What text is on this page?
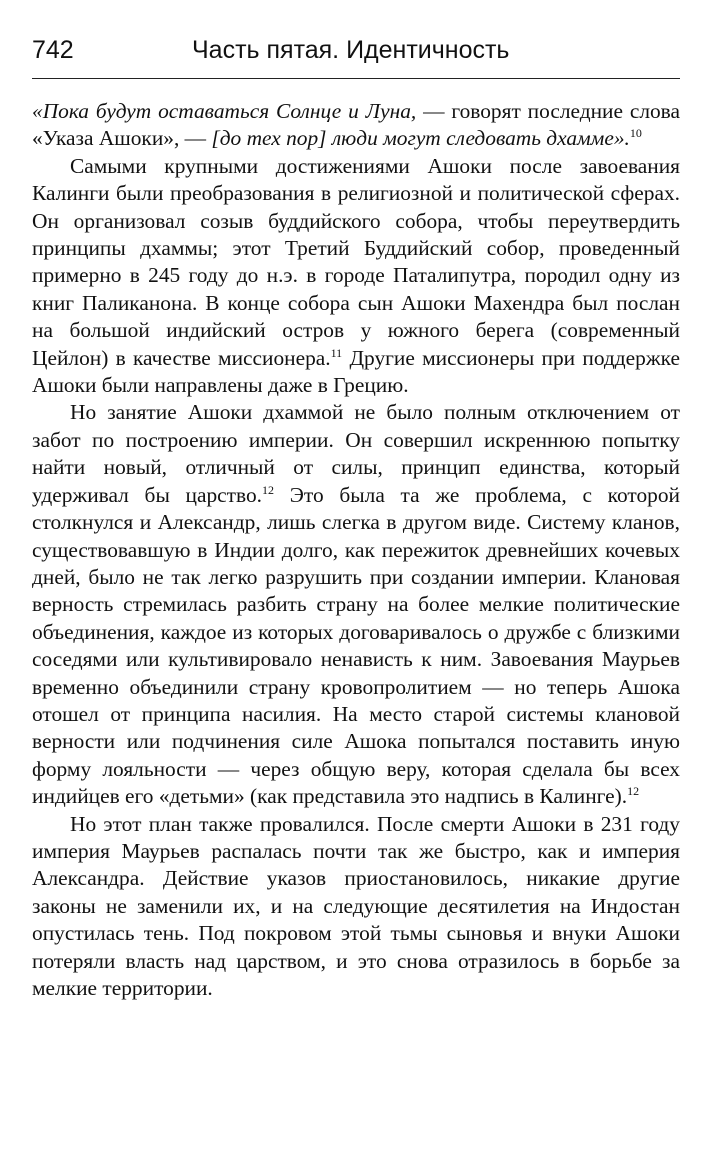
742	Часть пятая. Идентичность

«Пока будут оставаться Солнце и Луна, — говорят последние слова «Указа Ашоки», — [до тех пор] люди могут следовать дхамме».$^{10}$

Самыми крупными достижениями Ашоки после завоевания Калинги были преобразования в религиозной и политической сферах. Он организовал созыв буддийского собора, чтобы переутвердить принципы дхаммы; этот Третий Буддийский собор, проведенный примерно в 245 году до н.э. в городе Паталипутра, породил одну из книг Паликанона. В конце собора сын Ашоки Махендра был послан на большой индийский остров у южного берега (современный Цейлон) в качестве миссионера.$^{11}$ Другие миссионеры при поддержке Ашоки были направлены даже в Грецию.

Но занятие Ашоки дхаммой не было полным отключением от забот по построению империи. Он совершил искреннюю попытку найти новый, отличный от силы, принцип единства, который удерживал бы царство.$^{12}$ Это была та же проблема, с которой столкнулся и Александр, лишь слегка в другом виде. Систему кланов, существовавшую в Индии долго, как пережиток древнейших кочевых дней, было не так легко разрушить при создании империи. Клановая верность стремилась разбить страну на более мелкие политические объединения, каждое из которых договаривалось о дружбе с близкими соседями или культивировало ненависть к ним. Завоевания Маурьев временно объединили страну кровопролитием — но теперь Ашока отошел от принципа насилия. На место старой системы клановой верности или подчинения силе Ашока попытался поставить иную форму лояльности — через общую веру, которая сделала бы всех индийцев его «детьми» (как представила это надпись в Калинге).$^{12}$

Но этот план также провалился. После смерти Ашоки в 231 году империя Маурьев распалась почти так же быстро, как и империя Александра. Действие указов приостановилось, никакие другие законы не заменили их, и на следующие десятилетия на Индостан опустилась тень. Под покровом этой тьмы сыновья и внуки Ашоки потеряли власть над царством, и это снова отразилось в борьбе за мелкие территории.
